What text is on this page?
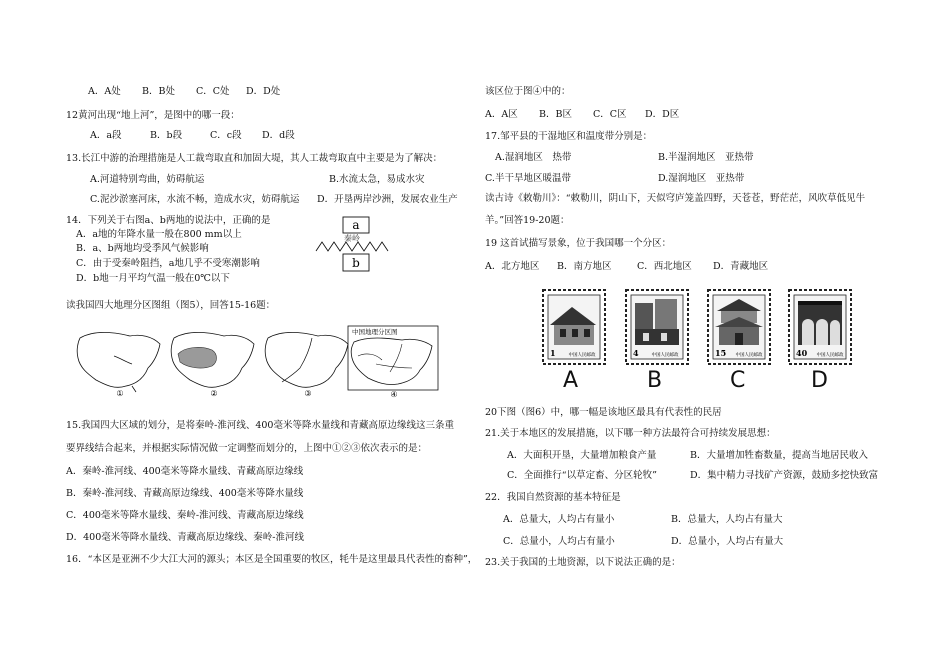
A．A处 B．B处 C．C处 D．D处
12黄河出现“地上河”，是图中的哪一段：
A．a段	B．b段	C．c段 D．d段
13.长江中游的治理措施是人工裁弯取直和加固大堤，其人工裁弯取直中主要是为了解决：
A.河道特别弯曲，妨碍航运	B.水流太急，易成水灾
C.泥沙淤塞河床，水流不畅，造成水灾，妨碍航运 D．开垦两岸沙洲，发展农业生产
14．下列关于右图a、b两地的说法中，正确的是
A．a地的年降水量一般在800 mm以上
B．a、b两地均受季风气候影响
C．由于受秦岭阻挡，a地几乎不受寒潮影响
D．b地一月平均气温一般在0℃以下
a
秦岭
b
读我国四大地理分区图组（图5），回答15-16题：
①	②	③
中国地理分区图
④
15.我国四大区域的划分，是将秦岭-淮河线、400毫米等降水量线和青藏高原边缘线这三条重
要界线结合起来，并根据实际情况做一定调整而划分的，上图中①②③依次表示的是：
A．秦岭-淮河线、400毫米等降水量线、青藏高原边缘线
B．秦岭-淮河线、青藏高原边缘线、400毫米等降水量线
C．400毫米等降水量线、秦岭-淮河线、青藏高原边缘线
D．400毫米等降水量线、青藏高原边缘线、秦岭-淮河线
16．“本区是亚洲不少大江大河的源头；本区是全国重要的牧区，牦牛是这里最具代表性的畜种”，
该区位于图④中的：
A．A区 B．B区 C．C区 D．D区
17.邹平县的干湿地区和温度带分别是：
A.湿润地区　热带	B.半湿润地区　亚热带
C.半干旱地区暖温带	D.湿润地区　亚热带
读古诗《敕勒川》：“敕勒川，阴山下，天似穹庐笼盖四野，天苍苍，野茫茫，风吹草低见牛
羊。”回答19-20题：
19 这首试描写景象，位于我国哪一个分区：
A．北方地区 B．南方地区	C．西北地区 D．青藏地区
1	中国人民邮政	4	中国人民邮政	15 中国人民邮政	40 中国人民邮政
A	B	C	D
20下图（图6）中，哪一幅是该地区最具有代表性的民居
21.关于本地区的发展措施，以下哪一种方法最符合可持续发展思想：
A．大面积开垦，大量增加粮食产量	B．大量增加牲畜数量，提高当地居民收入
C．全面推行“以草定畜、分区轮牧”	D．集中精力寻找矿产资源，鼓励多挖快致富
22．我国自然资源的基本特征是
A．总量大，人均占有量小	B．总量大，人均占有量大
C．总量小，人均占有量小	D．总量小，人均占有量大
23.关于我国的土地资源，以下说法正确的是：
